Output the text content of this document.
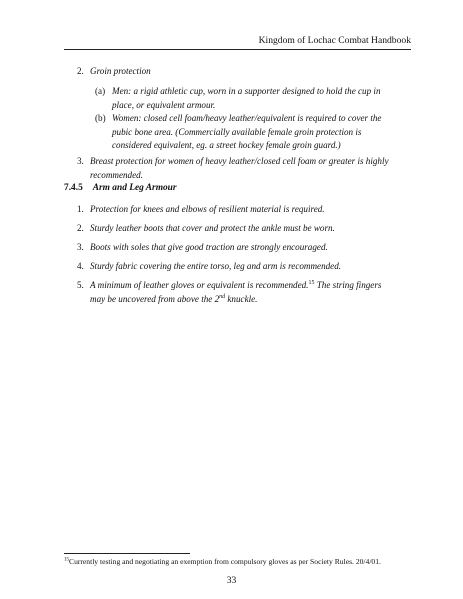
Kingdom of Lochac Combat Handbook
2. Groin protection
(a) Men: a rigid athletic cup, worn in a supporter designed to hold the cup in place, or equivalent armour.
(b) Women: closed cell foam/heavy leather/equivalent is required to cover the pubic bone area. (Commercially available female groin protection is considered equivalent, eg. a street hockey female groin guard.)
3. Breast protection for women of heavy leather/closed cell foam or greater is highly recommended.
7.4.5 Arm and Leg Armour
1. Protection for knees and elbows of resilient material is required.
2. Sturdy leather boots that cover and protect the ankle must be worn.
3. Boots with soles that give good traction are strongly encouraged.
4. Sturdy fabric covering the entire torso, leg and arm is recommended.
5. A minimum of leather gloves or equivalent is recommended.$^{15}$ The string fingers may be uncovered from above the 2nd knuckle.
$^{15}$Currently testing and negotiating an exemption from compulsory gloves as per Society Rules. 20/4/01.
33
